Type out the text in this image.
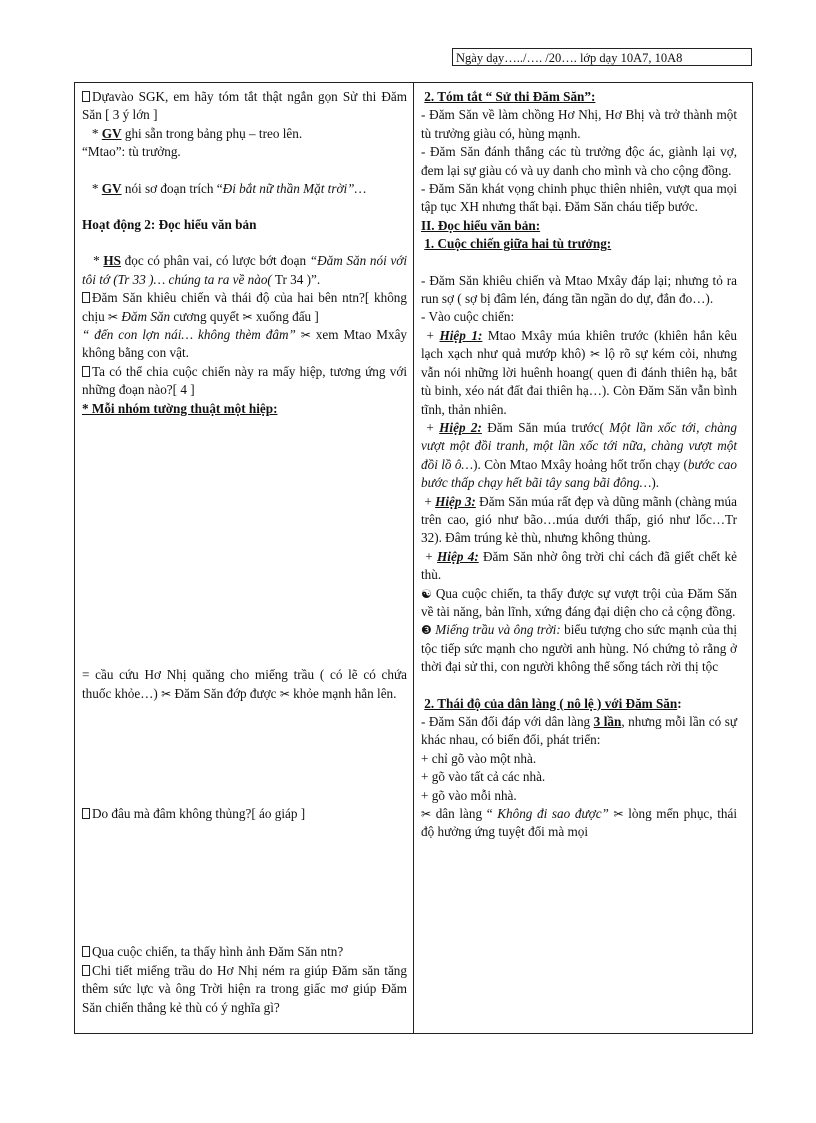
Ngày dạy…../…. /20…. lớp dạy 10A7, 10A8

Dựavào SGK, em hãy tóm tắt thật ngắn gọn Sử thi Đăm Săn [ 3 ý lớn ]

* GV ghi sẵn trong bảng phụ – treo lên.

“Mtao”: tù trưởng.

* GV nói sơ đoạn trích “Đi bắt nữ thần Mặt trời”…

Hoạt động 2: Đọc hiểu văn bản

* HS đọc có phân vai, có lược bớt đoạn “Đăm Săn nói với tôi tớ (Tr 33 )… chúng ta ra về nào( Tr 34 )”.

Đăm Săn khiêu chiến và thái độ của hai bên ntn?[ không chịu ✂ Đăm Săn cương quyết ✂ xuống đấu ]

“ đến con lợn nái… không thèm đâm” ✂ xem Mtao Mxây không bằng con vật.

Ta có thể chia cuộc chiến này ra mấy hiệp, tương ứng với những đoạn nào?[ 4 ]

* Mỗi nhóm tường thuật một hiệp:

= cầu cứu Hơ Nhị quăng cho miếng trầu ( có lẽ có chứa thuốc khỏe…) ✂ Đăm Săn đớp được ✂ khỏe mạnh hẳn lên.

Do đâu mà đâm không thủng?[ áo giáp ]

Qua cuộc chiến, ta thấy hình ảnh Đăm Săn ntn?

Chi tiết miếng trầu do Hơ Nhị ném ra giúp Đăm săn tăng thêm sức lực và ông Trời hiện ra trong giấc mơ giúp Đăm Săn chiến thắng kẻ thù có ý nghĩa gì?

2. Tóm tắt “ Sử thi Đăm Săn”:

- Đăm Săn về làm chồng Hơ Nhị, Hơ Bhị và trở thành một tù trưởng giàu có, hùng mạnh.

- Đăm Săn đánh thắng các tù trưởng độc ác, giành lại vợ, đem lại sự giàu có và uy danh cho mình và cho cộng đồng.

- Đăm Săn khát vọng chinh phục thiên nhiên, vượt qua mọi tập tục XH nhưng thất bại. Đăm Săn cháu tiếp bước.

II. Đọc hiểu văn bản:

1. Cuộc chiến giữa hai tù trưởng:

- Đăm Săn khiêu chiến và Mtao Mxây đáp lại; nhưng tỏ ra run sợ ( sợ bị đâm lén, đáng tần ngần do dự, đắn đo…).

- Vào cuộc chiến:

+ Hiệp 1: Mtao Mxây múa khiên trước (khiên hắn kêu lạch xạch như quả mướp khô) ✂ lộ rõ sự kém cỏi, nhưng vẫn nói những lời huênh hoang( quen đi đánh thiên hạ, bắt tù binh, xéo nát đất đai thiên hạ…). Còn Đăm Săn vẫn bình tĩnh, thản nhiên.

+ Hiệp 2: Đăm Săn múa trước( Một lần xốc tới, chàng vượt một đồi tranh, một lần xốc tới nữa, chàng vượt một đồi lồ ô…). Còn Mtao Mxây hoảng hốt trốn chạy (bước cao bước thấp chạy hết bãi tây sang bãi đông…).

+ Hiệp 3: Đăm Săn múa rất đẹp và dũng mãnh (chàng múa trên cao, gió như bão…múa dưới thấp, gió như lốc…Tr 32). Đâm trúng kẻ thù, nhưng không thủng.

+ Hiệp 4: Đăm Săn nhờ ông trời chỉ cách đã giết chết kẻ thù.

☯ Qua cuộc chiến, ta thấy được sự vượt trội của Đăm Săn về tài năng, bản lĩnh, xứng đáng đại diện cho cả cộng đồng.

❸ Miếng trầu và ông trời: biểu tượng cho sức mạnh của thị tộc tiếp sức mạnh cho người anh hùng. Nó chứng tỏ rằng ở thời đại sử thi, con người không thể sống tách rời thị tộc

2. Thái độ của dân làng ( nô lệ ) với Đăm Săn:

- Đăm Săn đối đáp với dân làng 3 lần, nhưng mỗi lần có sự khác nhau, có biến đổi, phát triển:

+ chỉ gõ vào một nhà.

+ gõ vào tất cả các nhà.

+ gõ vào mỗi nhà.

✂ dân làng “ Không đi sao được” ✂ lòng mến phục, thái độ hưởng ứng tuyệt đối mà mọi
